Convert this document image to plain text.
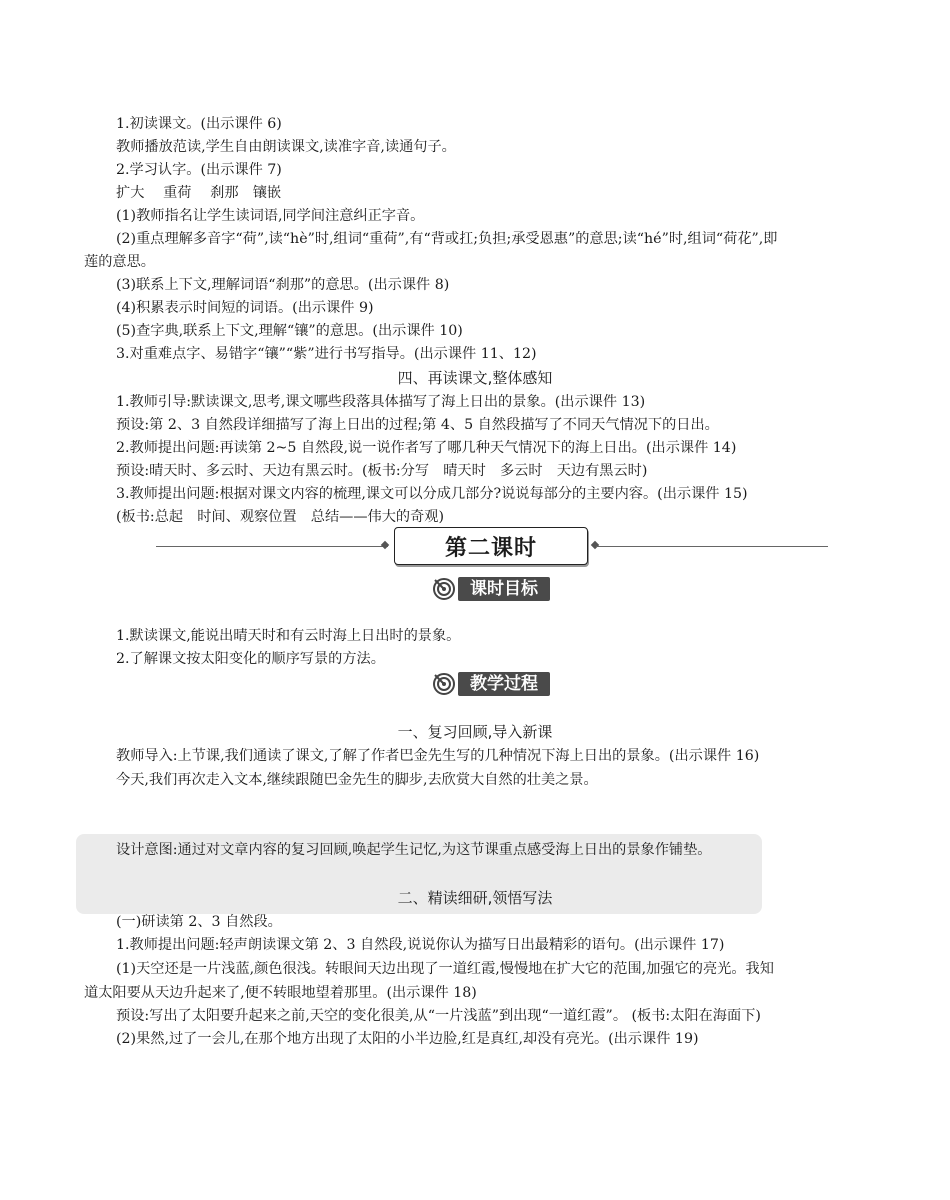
1.初读课文。(出示课件 6)
教师播放范读,学生自由朗读课文,读准字音,读通句子。
2.学习认字。(出示课件 7)
扩大　 重荷　 刹那　镶嵌
(1)教师指名让学生读词语,同学间注意纠正字音。
(2)重点理解多音字“荷”,读“hè”时,组词“重荷”,有“背或扛;负担;承受恩惠”的意思;读“hé”时,组词“荷花”,即
莲的意思。
(3)联系上下文,理解词语“刹那”的意思。(出示课件 8)
(4)积累表示时间短的词语。(出示课件 9)
(5)查字典,联系上下文,理解“镶”的意思。(出示课件 10)
3.对重难点字、易错字“镶”“紫”进行书写指导。(出示课件 11、12)
四、再读课文,整体感知
1.教师引导:默读课文,思考,课文哪些段落具体描写了海上日出的景象。(出示课件 13)
预设:第 2、3 自然段详细描写了海上日出的过程;第 4、5 自然段描写了不同天气情况下的日出。
2.教师提出问题:再读第 2~5 自然段,说一说作者写了哪几种天气情况下的海上日出。(出示课件 14)
预设:晴天时、多云时、天边有黑云时。(板书:分写　晴天时　多云时　天边有黑云时)
3.教师提出问题:根据对课文内容的梳理,课文可以分成几部分?说说每部分的主要内容。(出示课件 15)
(板书:总起　时间、观察位置　总结——伟大的奇观)
第二课时
课时目标
1.默读课文,能说出晴天时和有云时海上日出时的景象。
2.了解课文按太阳变化的顺序写景的方法。
教学过程
一、复习回顾,导入新课
教师导入:上节课,我们通读了课文,了解了作者巴金先生写的几种情况下海上日出的景象。(出示课件 16)
今天,我们再次走入文本,继续跟随巴金先生的脚步,去欣赏大自然的壮美之景。
设计意图:通过对文章内容的复习回顾,唤起学生记忆,为这节课重点感受海上日出的景象作铺垫。
二、精读细研,领悟写法
(一)研读第 2、3 自然段。
1.教师提出问题:轻声朗读课文第 2、3 自然段,说说你认为描写日出最精彩的语句。(出示课件 17)
(1)天空还是一片浅蓝,颜色很浅。转眼间天边出现了一道红霞,慢慢地在扩大它的范围,加强它的亮光。我知
道太阳要从天边升起来了,便不转眼地望着那里。(出示课件 18)
预设:写出了太阳要升起来之前,天空的变化很美,从“一片浅蓝”到出现“一道红霞”。 (板书:太阳在海面下)
(2)果然,过了一会儿,在那个地方出现了太阳的小半边脸,红是真红,却没有亮光。(出示课件 19)
